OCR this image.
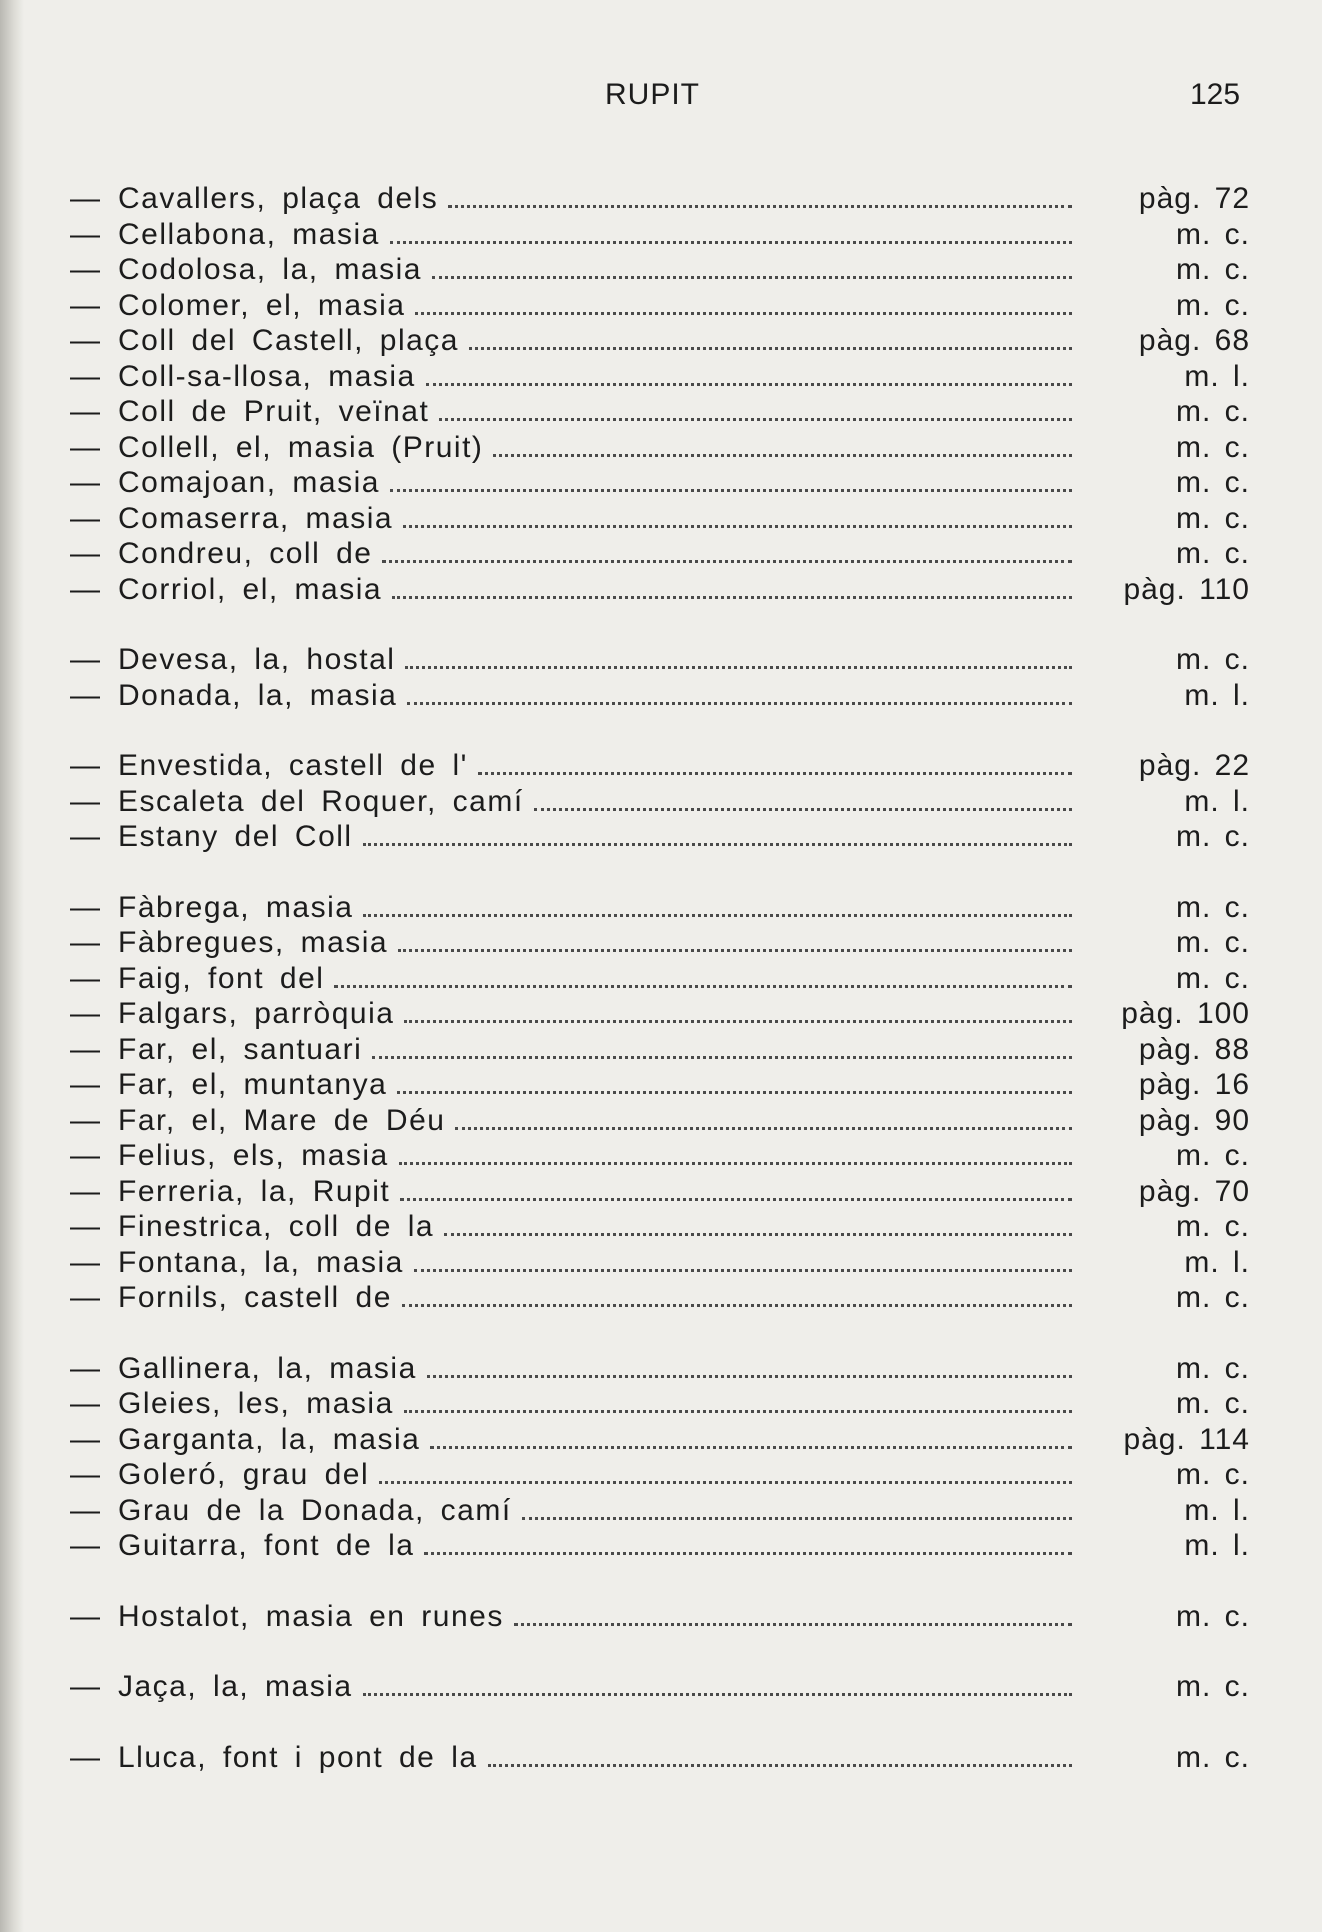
RUPIT	125
— Cavallers, plaça dels	pàg. 72
— Cellabona, masia	m. c.
— Codolosa, la, masia	m. c.
— Colomer, el, masia	m. c.
— Coll del Castell, plaça	pàg. 68
— Coll-sa-llosa, masia	m. l.
— Coll de Pruit, veïnat	m. c.
— Collell, el, masia (Pruit)	m. c.
— Comajoan, masia	m. c.
— Comaserra, masia	m. c.
— Condreu, coll de	m. c.
— Corriol, el, masia	pàg. 110
— Devesa, la, hostal	m. c.
— Donada, la, masia	m. l.
— Envestida, castell de l'	pàg. 22
— Escaleta del Roquer, camí	m. l.
— Estany del Coll	m. c.
— Fàbrega, masia	m. c.
— Fàbregues, masia	m. c.
— Faig, font del	m. c.
— Falgars, parròquia	pàg. 100
— Far, el, santuari	pàg. 88
— Far, el, muntanya	pàg. 16
— Far, el, Mare de Déu	pàg. 90
— Felius, els, masia	m. c.
— Ferreria, la, Rupit	pàg. 70
— Finestrica, coll de la	m. c.
— Fontana, la, masia	m. l.
— Fornils, castell de	m. c.
— Gallinera, la, masia	m. c.
— Gleies, les, masia	m. c.
— Garganta, la, masia	pàg. 114
— Goleró, grau del	m. c.
— Grau de la Donada, camí	m. l.
— Guitarra, font de la	m. l.
— Hostalot, masia en runes	m. c.
— Jaça, la, masia	m. c.
— Lluca, font i pont de la	m. c.
